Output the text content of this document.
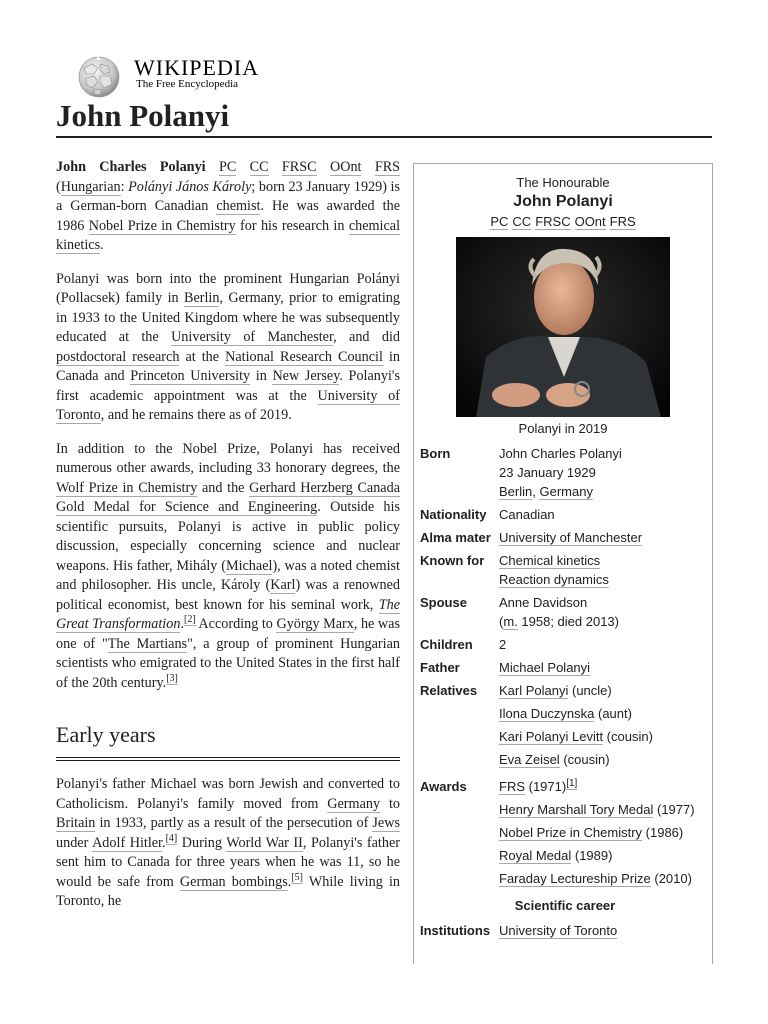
WIKIPEDIA
The Free Encyclopedia
John Polanyi

John Charles Polanyi PC CC FRSC OOnt FRS (Hungarian: Polányi János Károly; born 23 January 1929) is a German-born Canadian chemist. He was awarded the 1986 Nobel Prize in Chemistry for his research in chemical kinetics.

Polanyi was born into the prominent Hungarian Polányi (Pollacsek) family in Berlin, Germany, prior to emigrating in 1933 to the United Kingdom where he was subsequently educated at the University of Manchester, and did postdoctoral research at the National Research Council in Canada and Princeton University in New Jersey. Polanyi's first academic appointment was at the University of Toronto, and he remains there as of 2019.

In addition to the Nobel Prize, Polanyi has received numerous other awards, including 33 honorary degrees, the Wolf Prize in Chemistry and the Gerhard Herzberg Canada Gold Medal for Science and Engineering. Outside his scientific pursuits, Polanyi is active in public policy discussion, especially concerning science and nuclear weapons. His father, Mihály (Michael), was a noted chemist and philosopher. His uncle, Károly (Karl) was a renowned political economist, best known for his seminal work, The Great Transformation.[2] According to György Marx, he was one of "The Martians", a group of prominent Hungarian scientists who emigrated to the United States in the first half of the 20th century.[3]

Early years

Polanyi's father Michael was born Jewish and converted to Catholicism. Polanyi's family moved from Germany to Britain in 1933, partly as a result of the persecution of Jews under Adolf Hitler.[4] During World War II, Polanyi's father sent him to Canada for three years when he was 11, so he would be safe from German bombings.[5] While living in Toronto, he

The Honourable
John Polanyi
PC CC FRSC OOnt FRS
Polanyi in 2019
Born	John Charles Polanyi
23 January 1929
Berlin, Germany

Nationality	Canadian
Alma mater	University of Manchester
Known for	Chemical kinetics
Reaction dynamics

Spouse	Anne Davidson
(m. 1958; died 2013)

Children	2
Father	Michael Polanyi
Relatives	Karl Polanyi (uncle)
Ilona Duczynska (aunt)
Kari Polanyi Levitt (cousin)
Eva Zeisel (cousin)

Awards	FRS (1971)[1]
Henry Marshall Tory Medal (1977)
Nobel Prize in Chemistry (1986)
Royal Medal (1989)
Faraday Lectureship Prize (2010)

Scientific career	
Institutions	University of Toronto
